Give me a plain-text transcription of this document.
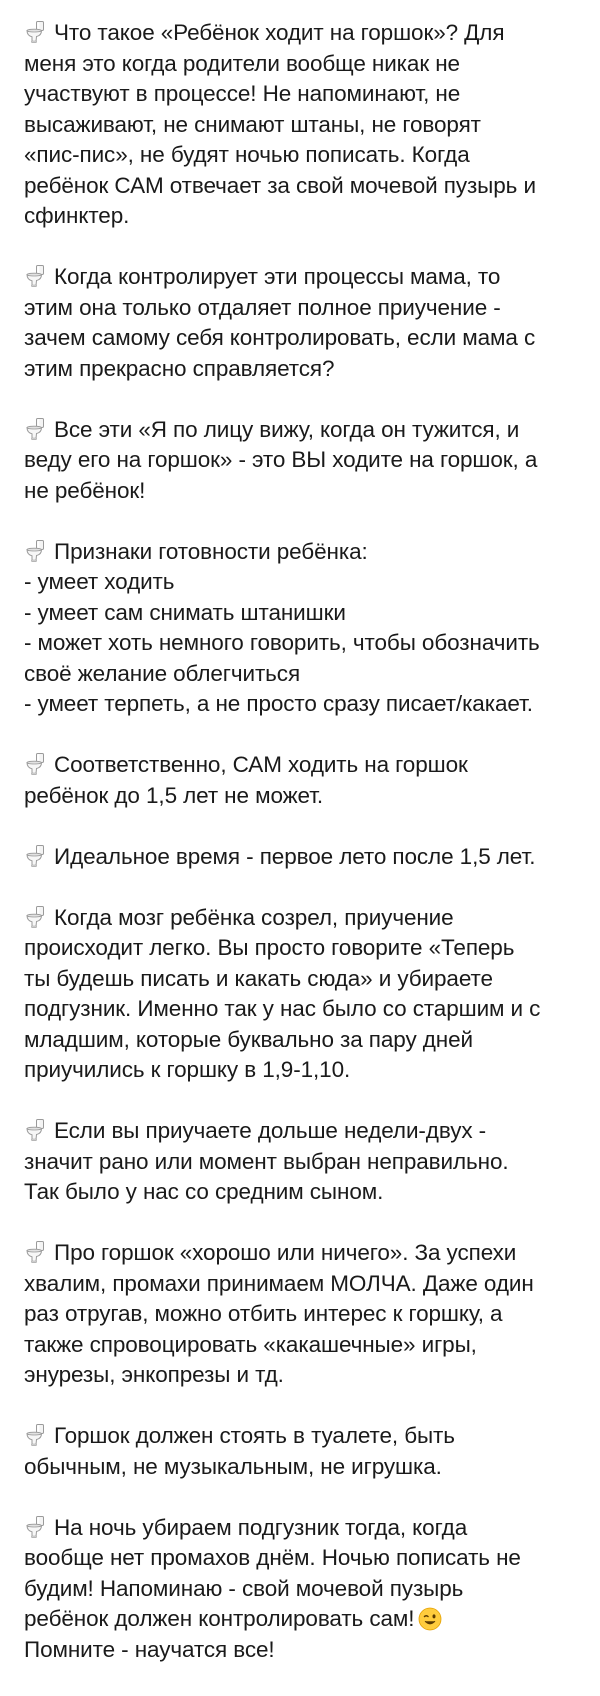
Что такое «Ребёнок ходит на горшок»? Для
меня это когда родители вообще никак не
участвуют в процессе! Не напоминают, не
высаживают, не снимают штаны, не говорят
«пис-пис», не будят ночью пописать. Когда
ребёнок САМ отвечает за свой мочевой пузырь и
сфинктер.
Когда контролирует эти процессы мама, то
этим она только отдаляет полное приучение -
зачем самому себя контролировать, если мама с
этим прекрасно справляется?
Все эти «Я по лицу вижу, когда он тужится, и
веду его на горшок» - это ВЫ ходите на горшок, а
не ребёнок!
Признаки готовности ребёнка:
- умеет ходить
- умеет сам снимать штанишки
- может хоть немного говорить, чтобы обозначить
своё желание облегчиться
- умеет терпеть, а не просто сразу писает/какает.
Соответственно, САМ ходить на горшок
ребёнок до 1,5 лет не может.
Идеальное время - первое лето после 1,5 лет.
Когда мозг ребёнка созрел, приучение
происходит легко. Вы просто говорите «Теперь
ты будешь писать и какать сюда» и убираете
подгузник. Именно так у нас было со старшим и с
младшим, которые буквально за пару дней
приучились к горшку в 1,9-1,10.
Если вы приучаете дольше недели-двух -
значит рано или момент выбран неправильно.
Так было у нас со средним сыном.
Про горшок «хорошо или ничего». За успехи
хвалим, промахи принимаем МОЛЧА. Даже один
раз отругав, можно отбить интерес к горшку, а
также спровоцировать «какашечные» игры,
энурезы, энкопрезы и тд.
Горшок должен стоять в туалете, быть
обычным, не музыкальным, не игрушка.
На ночь убираем подгузник тогда, когда
вообще нет промахов днём. Ночью пописать не
будим! Напоминаю - свой мочевой пузырь
ребёнок должен контролировать сам!
Помните - научатся все!
